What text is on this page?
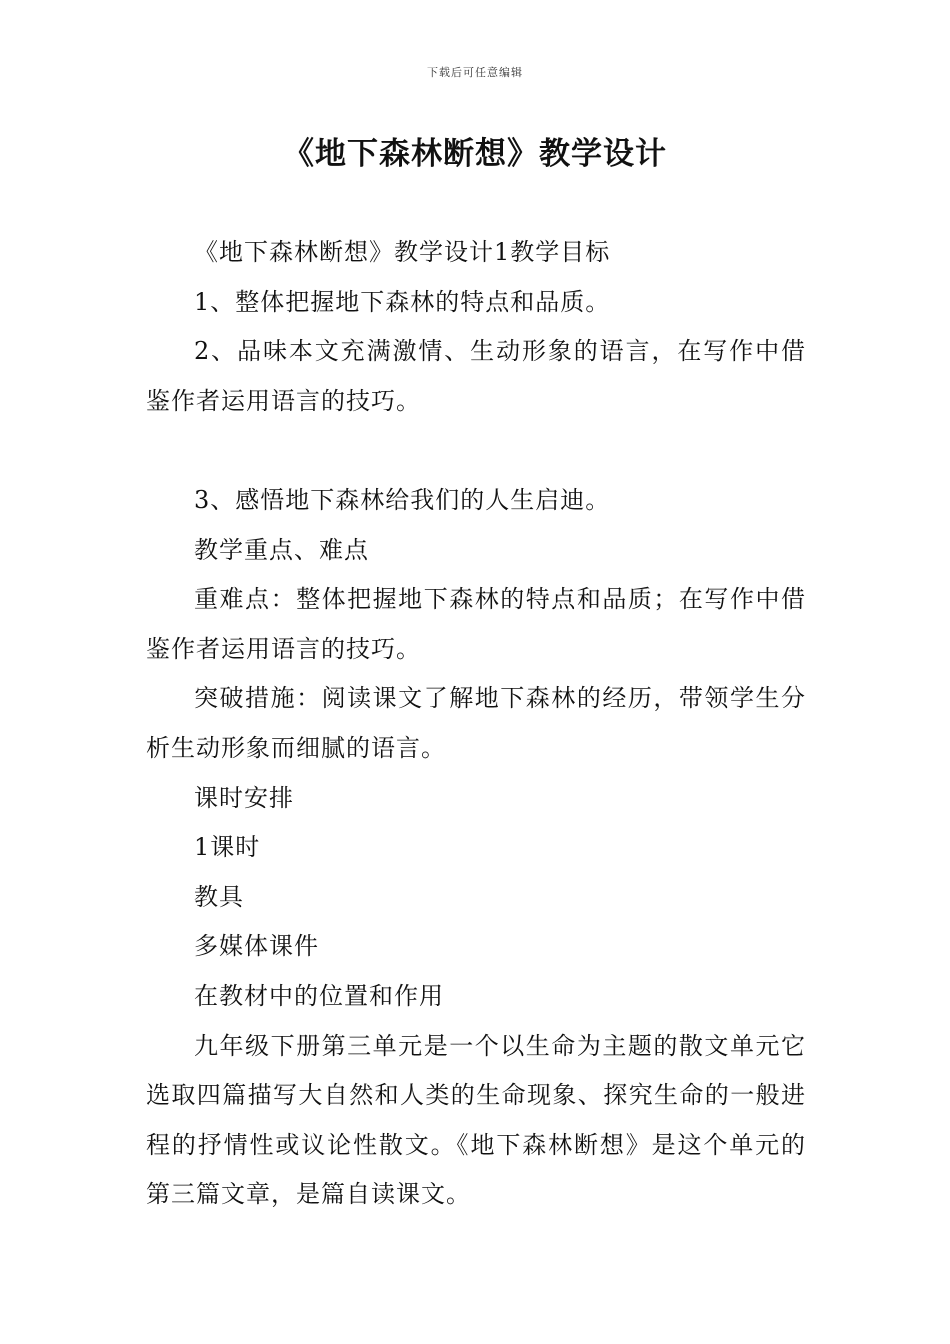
下载后可任意编辑
《地下森林断想》教学设计

《地下森林断想》教学设计1教学目标

1、整体把握地下森林的特点和品质。

2、品味本文充满激情、生动形象的语言，在写作中借鉴作者运用语言的技巧。

3、感悟地下森林给我们的人生启迪。

教学重点、难点

重难点：整体把握地下森林的特点和品质；在写作中借鉴作者运用语言的技巧。

突破措施：阅读课文了解地下森林的经历，带领学生分析生动形象而细腻的语言。

课时安排

1课时

教具

多媒体课件

在教材中的位置和作用

九年级下册第三单元是一个以生命为主题的散文单元它选取四篇描写大自然和人类的生命现象、探究生命的一般进程的抒情性或议论性散文。《地下森林断想》是这个单元的第三篇文章，是篇自读课文。
